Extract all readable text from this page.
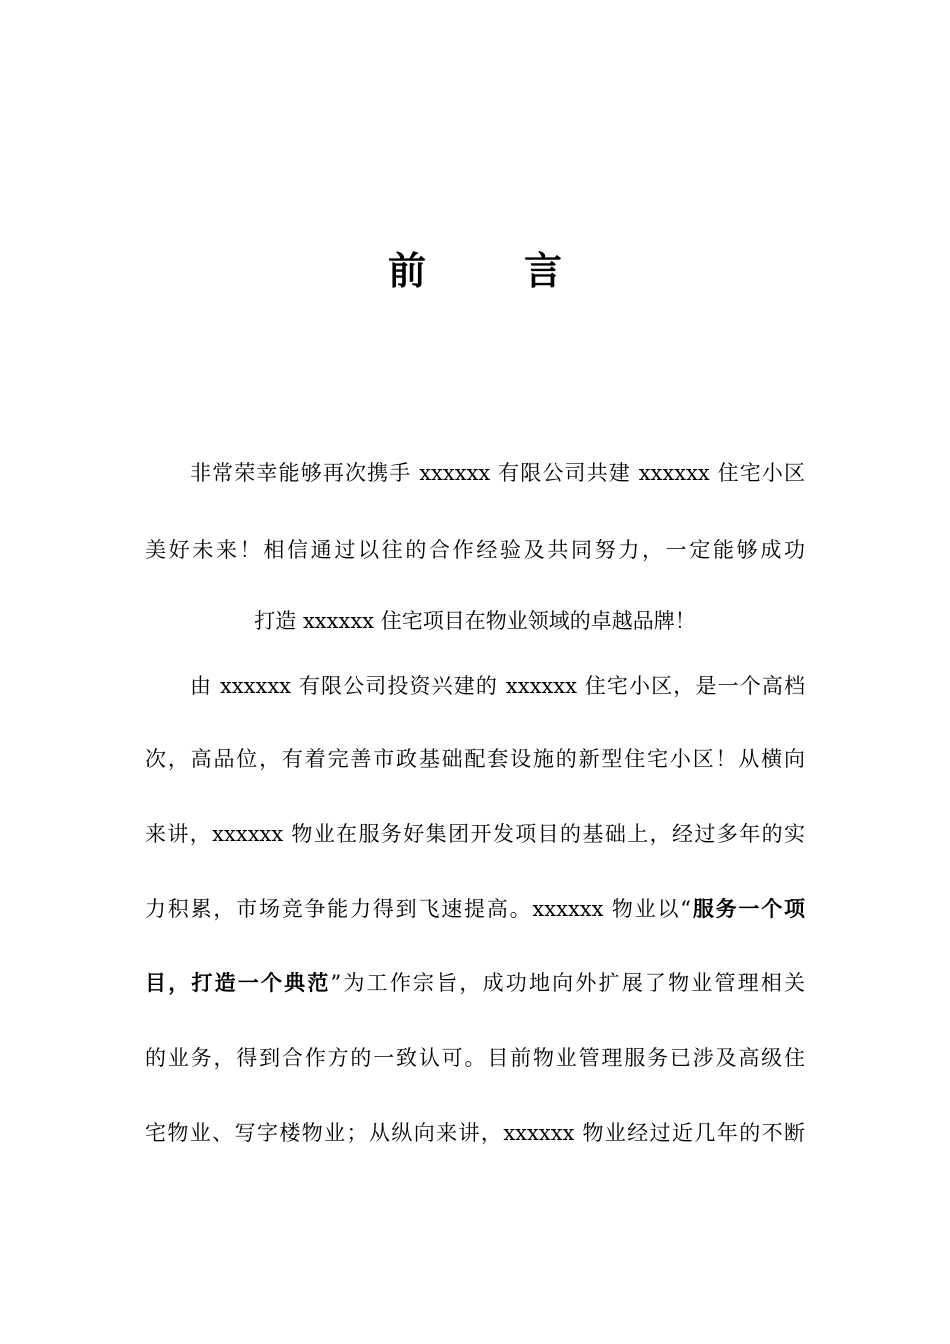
前　言
非常荣幸能够再次携手 xxxxxx 有限公司共建 xxxxxx 住宅小区
美好未来！相信通过以往的合作经验及共同努力，一定能够成功
打造 xxxxxx 住宅项目在物业领域的卓越品牌！
由 xxxxxx 有限公司投资兴建的 xxxxxx 住宅小区，是一个高档
次，高品位，有着完善市政基础配套设施的新型住宅小区！从横向
来讲，xxxxxx 物业在服务好集团开发项目的基础上，经过多年的实
力积累，市场竞争能力得到飞速提高。xxxxxx 物业以“服务一个项
目，打造一个典范”为工作宗旨，成功地向外扩展了物业管理相关
的业务，得到合作方的一致认可。目前物业管理服务已涉及高级住
宅物业、写字楼物业；从纵向来讲，xxxxxx 物业经过近几年的不断
